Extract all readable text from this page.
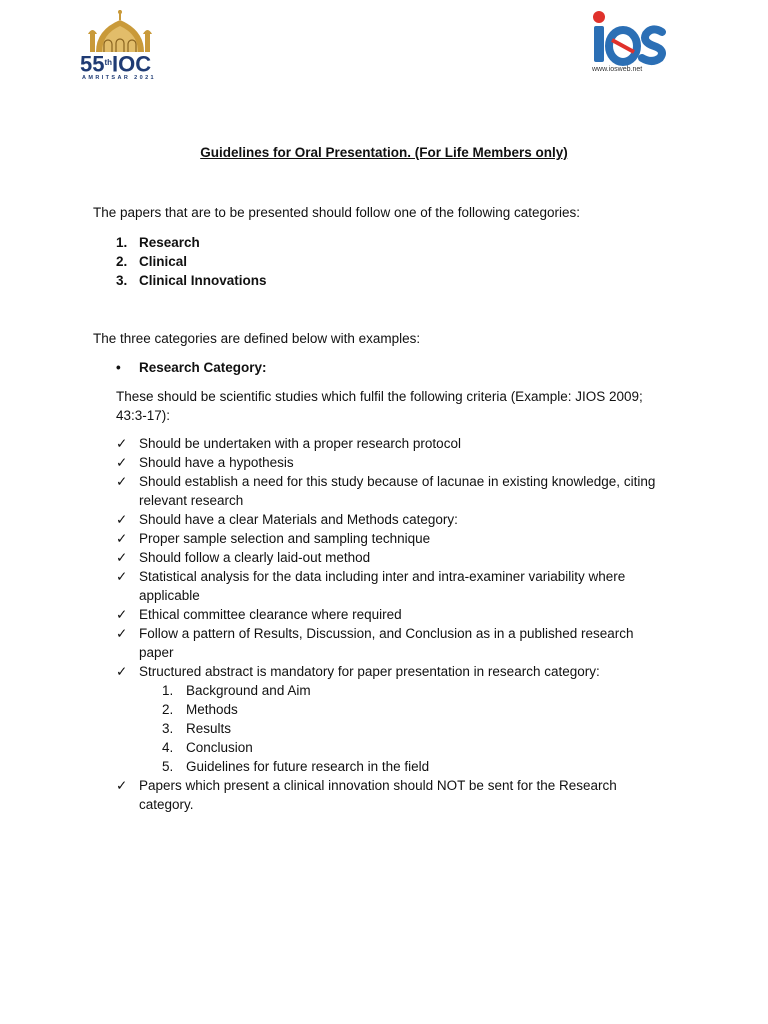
55thIOC
AMRITSAR 2021
www.iosweb.net
Guidelines for Oral Presentation. (For Life Members only)
The papers that are to be presented should follow one of the following categories:
1. Research
2. Clinical
3. Clinical Innovations
The three categories are defined below with examples:
• Research Category:
These should be scientific studies which fulfil the following criteria (Example: JIOS 2009; 43:3-17):
✓ Should be undertaken with a proper research protocol
✓ Should have a hypothesis
✓ Should establish a need for this study because of lacunae in existing knowledge, citing relevant research
✓ Should have a clear Materials and Methods category:
✓ Proper sample selection and sampling technique
✓ Should follow a clearly laid-out method
✓ Statistical analysis for the data including inter and intra-examiner variability where applicable
✓ Ethical committee clearance where required
✓ Follow a pattern of Results, Discussion, and Conclusion as in a published research paper
✓ Structured abstract is mandatory for paper presentation in research category:
1. Background and Aim
2. Methods
3. Results
4. Conclusion
5. Guidelines for future research in the field
✓ Papers which present a clinical innovation should NOT be sent for the Research category.
